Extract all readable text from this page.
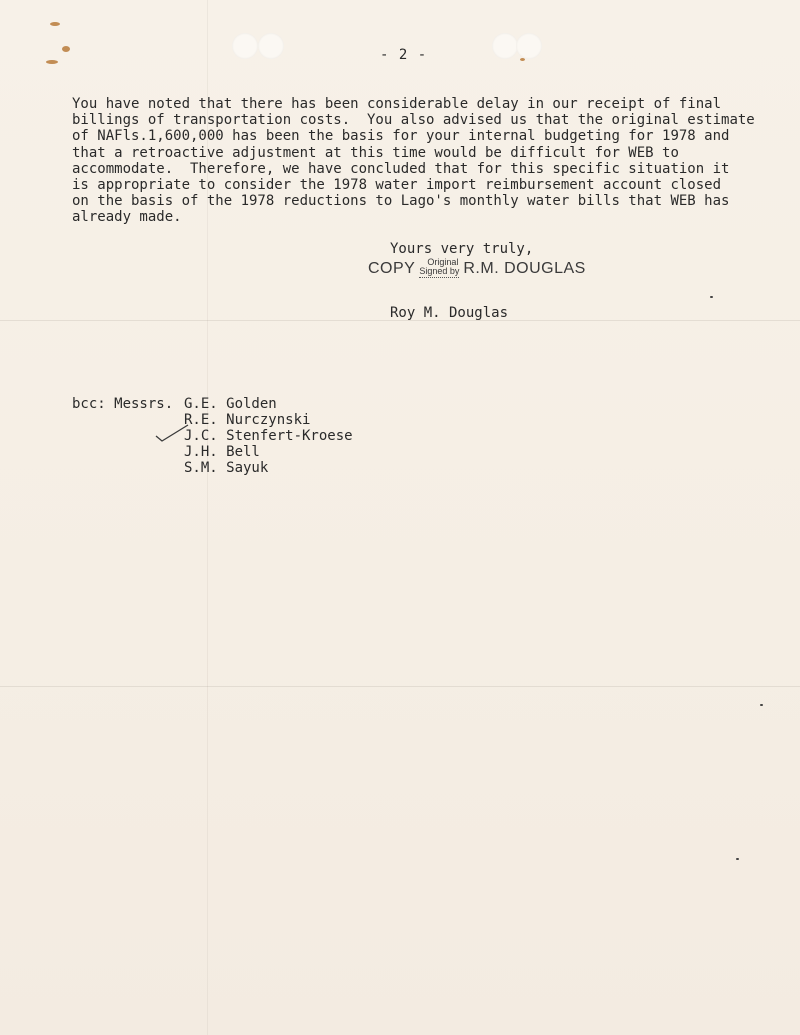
- 2 -

You have noted that there has been considerable delay in our receipt of final
billings of transportation costs.  You also advised us that the original estimate
of NAFls.1,600,000 has been the basis for your internal budgeting for 1978 and
that a retroactive adjustment at this time would be difficult for WEB to
accommodate.  Therefore, we have concluded that for this specific situation it
is appropriate to consider the 1978 water import reimbursement account closed
on the basis of the 1978 reductions to Lago's monthly water bills that WEB has
already made.

Yours very truly,
COPY	Original
Signed by R.M. DOUGLAS
Roy M. Douglas
bcc: Messrs. G.E. Golden
R.E. Nurczynski
J.C. Stenfert-Kroese
J.H. Bell
S.M. Sayuk
